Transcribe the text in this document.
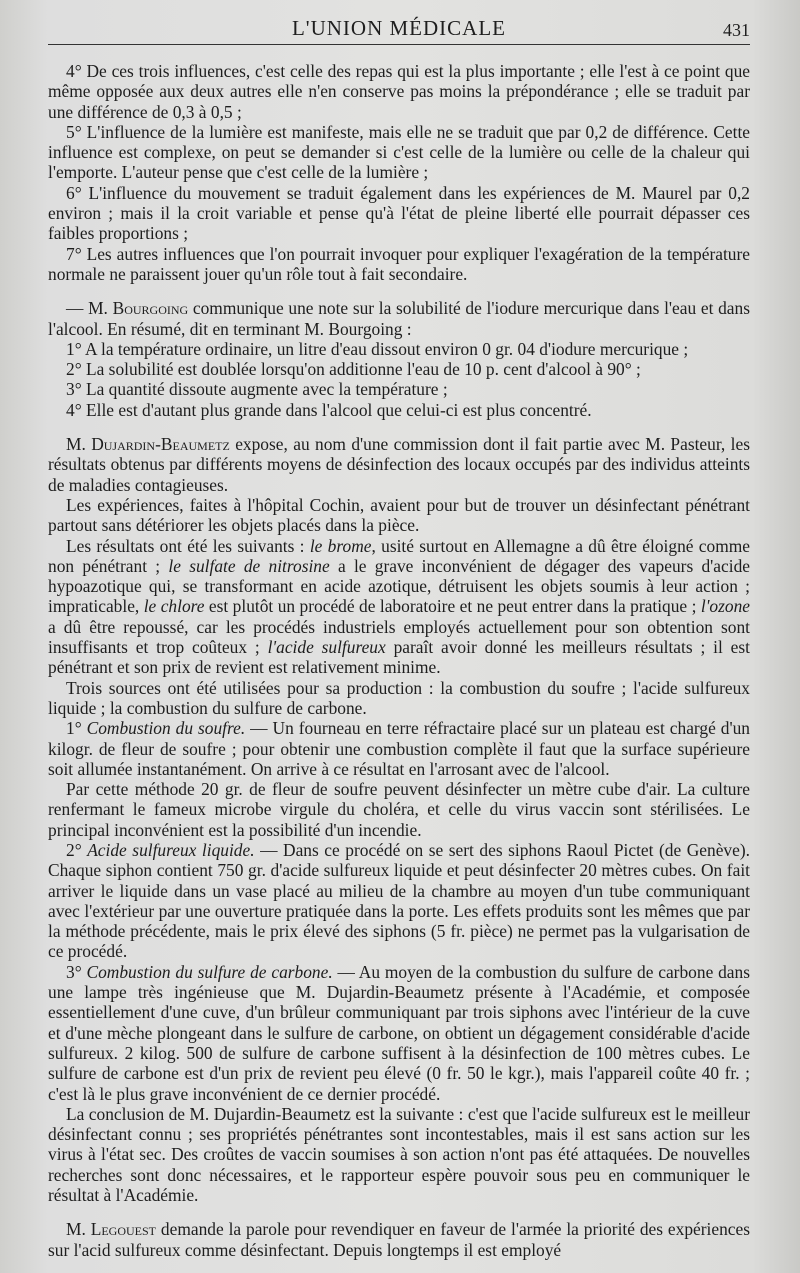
L'UNION MÉDICALE	431

4° De ces trois influences, c'est celle des repas qui est la plus importante ; elle l'est à ce point que même opposée aux deux autres elle n'en conserve pas moins la prépondérance ; elle se traduit par une différence de 0,3 à 0,5 ;

5° L'influence de la lumière est manifeste, mais elle ne se traduit que par 0,2 de différence. Cette influence est complexe, on peut se demander si c'est celle de la lumière ou celle de la chaleur qui l'emporte. L'auteur pense que c'est celle de la lumière ;

6° L'influence du mouvement se traduit également dans les expériences de M. Maurel par 0,2 environ ; mais il la croit variable et pense qu'à l'état de pleine liberté elle pourrait dépasser ces faibles proportions ;

7° Les autres influences que l'on pourrait invoquer pour expliquer l'exagération de la température normale ne paraissent jouer qu'un rôle tout à fait secondaire.

— M. Bourgoing communique une note sur la solubilité de l'iodure mercurique dans l'eau et dans l'alcool. En résumé, dit en terminant M. Bourgoing :

1° A la température ordinaire, un litre d'eau dissout environ 0 gr. 04 d'iodure mercurique ;

2° La solubilité est doublée lorsqu'on additionne l'eau de 10 p. cent d'alcool à 90° ;

3° La quantité dissoute augmente avec la température ;

4° Elle est d'autant plus grande dans l'alcool que celui-ci est plus concentré.

M. Dujardin-Beaumetz expose, au nom d'une commission dont il fait partie avec M. Pasteur, les résultats obtenus par différents moyens de désinfection des locaux occupés par des individus atteints de maladies contagieuses.

Les expériences, faites à l'hôpital Cochin, avaient pour but de trouver un désinfectant pénétrant partout sans détériorer les objets placés dans la pièce.

Les résultats ont été les suivants : le brome, usité surtout en Allemagne a dû être éloigné comme non pénétrant ; le sulfate de nitrosine a le grave inconvénient de dégager des vapeurs d'acide hypoazotique qui, se transformant en acide azotique, détruisent les objets soumis à leur action ; impraticable, le chlore est plutôt un procédé de laboratoire et ne peut entrer dans la pratique ; l'ozone a dû être repoussé, car les procédés industriels employés actuellement pour son obtention sont insuffisants et trop coûteux ; l'acide sulfureux paraît avoir donné les meilleurs résultats ; il est pénétrant et son prix de revient est relativement minime.

Trois sources ont été utilisées pour sa production : la combustion du soufre ; l'acide sulfureux liquide ; la combustion du sulfure de carbone.

1° Combustion du soufre. — Un fourneau en terre réfractaire placé sur un plateau est chargé d'un kilogr. de fleur de soufre ; pour obtenir une combustion complète il faut que la surface supérieure soit allumée instantanément. On arrive à ce résultat en l'arrosant avec de l'alcool.

Par cette méthode 20 gr. de fleur de soufre peuvent désinfecter un mètre cube d'air. La culture renfermant le fameux microbe virgule du choléra, et celle du virus vaccin sont stérilisées. Le principal inconvénient est la possibilité d'un incendie.

2° Acide sulfureux liquide. — Dans ce procédé on se sert des siphons Raoul Pictet (de Genève). Chaque siphon contient 750 gr. d'acide sulfureux liquide et peut désinfecter 20 mètres cubes. On fait arriver le liquide dans un vase placé au milieu de la chambre au moyen d'un tube communiquant avec l'extérieur par une ouverture pratiquée dans la porte. Les effets produits sont les mêmes que par la méthode précédente, mais le prix élevé des siphons (5 fr. pièce) ne permet pas la vulgarisation de ce procédé.

3° Combustion du sulfure de carbone. — Au moyen de la combustion du sulfure de carbone dans une lampe très ingénieuse que M. Dujardin-Beaumetz présente à l'Académie, et composée essentiellement d'une cuve, d'un brûleur communiquant par trois siphons avec l'intérieur de la cuve et d'une mèche plongeant dans le sulfure de carbone, on obtient un dégagement considérable d'acide sulfureux. 2 kilog. 500 de sulfure de carbone suffisent à la désinfection de 100 mètres cubes. Le sulfure de carbone est d'un prix de revient peu élevé (0 fr. 50 le kgr.), mais l'appareil coûte 40 fr. ; c'est là le plus grave inconvénient de ce dernier procédé.

La conclusion de M. Dujardin-Beaumetz est la suivante : c'est que l'acide sulfureux est le meilleur désinfectant connu ; ses propriétés pénétrantes sont incontestables, mais il est sans action sur les virus à l'état sec. Des croûtes de vaccin soumises à son action n'ont pas été attaquées. De nouvelles recherches sont donc nécessaires, et le rapporteur espère pouvoir sous peu en communiquer le résultat à l'Académie.

M. Legouest demande la parole pour revendiquer en faveur de l'armée la priorité des expériences sur l'acid sulfureux comme désinfectant. Depuis longtemps il est employé
